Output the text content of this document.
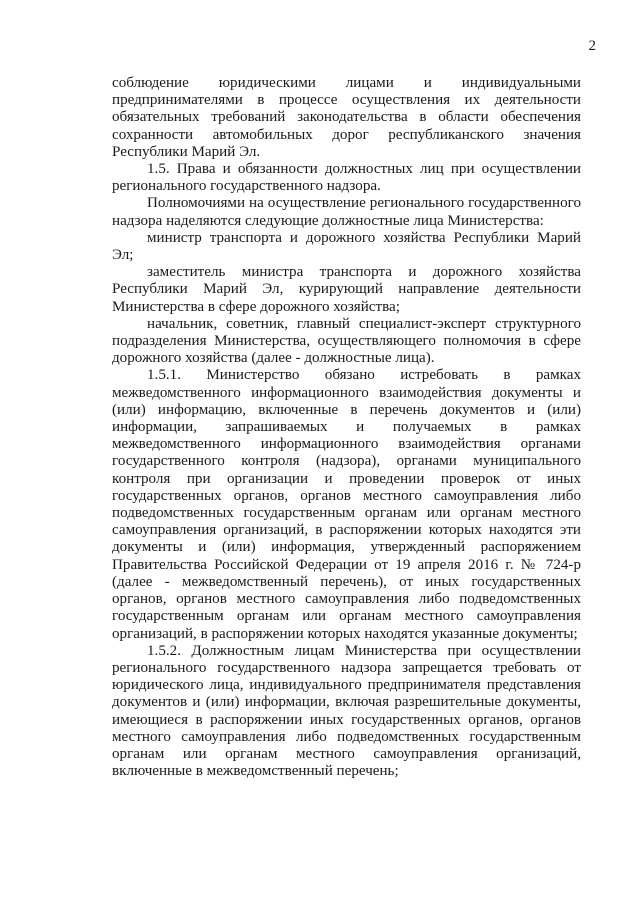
2

соблюдение юридическими лицами и индивидуальными предпринимателями в процессе осуществления их деятельности обязательных требований законодательства в области обеспечения сохранности автомобильных дорог республиканского значения Республики Марий Эл.

1.5. Права и обязанности должностных лиц при осуществлении регионального государственного надзора.

Полномочиями на осуществление регионального государственного надзора наделяются следующие должностные лица Министерства:

министр транспорта и дорожного хозяйства Республики Марий Эл;

заместитель министра транспорта и дорожного хозяйства Республики Марий Эл, курирующий направление деятельности Министерства в сфере дорожного хозяйства;

начальник, советник, главный специалист-эксперт структурного подразделения Министерства, осуществляющего полномочия в сфере дорожного хозяйства (далее - должностные лица).

1.5.1. Министерство обязано истребовать в рамках межведомственного информационного взаимодействия документы и (или) информацию, включенные в перечень документов и (или) информации, запрашиваемых и получаемых в рамках межведомственного информационного взаимодействия органами государственного контроля (надзора), органами муниципального контроля при организации и проведении проверок от иных государственных органов, органов местного самоуправления либо подведомственных государственным органам или органам местного самоуправления организаций, в распоряжении которых находятся эти документы и (или) информация, утвержденный распоряжением Правительства Российской Федерации от 19 апреля 2016 г. № 724-р (далее - межведомственный перечень), от иных государственных органов, органов местного самоуправления либо подведомственных государственным органам или органам местного самоуправления организаций, в распоряжении которых находятся указанные документы;

1.5.2. Должностным лицам Министерства при осуществлении регионального государственного надзора запрещается требовать от юридического лица, индивидуального предпринимателя представления документов и (или) информации, включая разрешительные документы, имеющиеся в распоряжении иных государственных органов, органов местного самоуправления либо подведомственных государственным органам или органам местного самоуправления организаций, включенные в межведомственный перечень;
